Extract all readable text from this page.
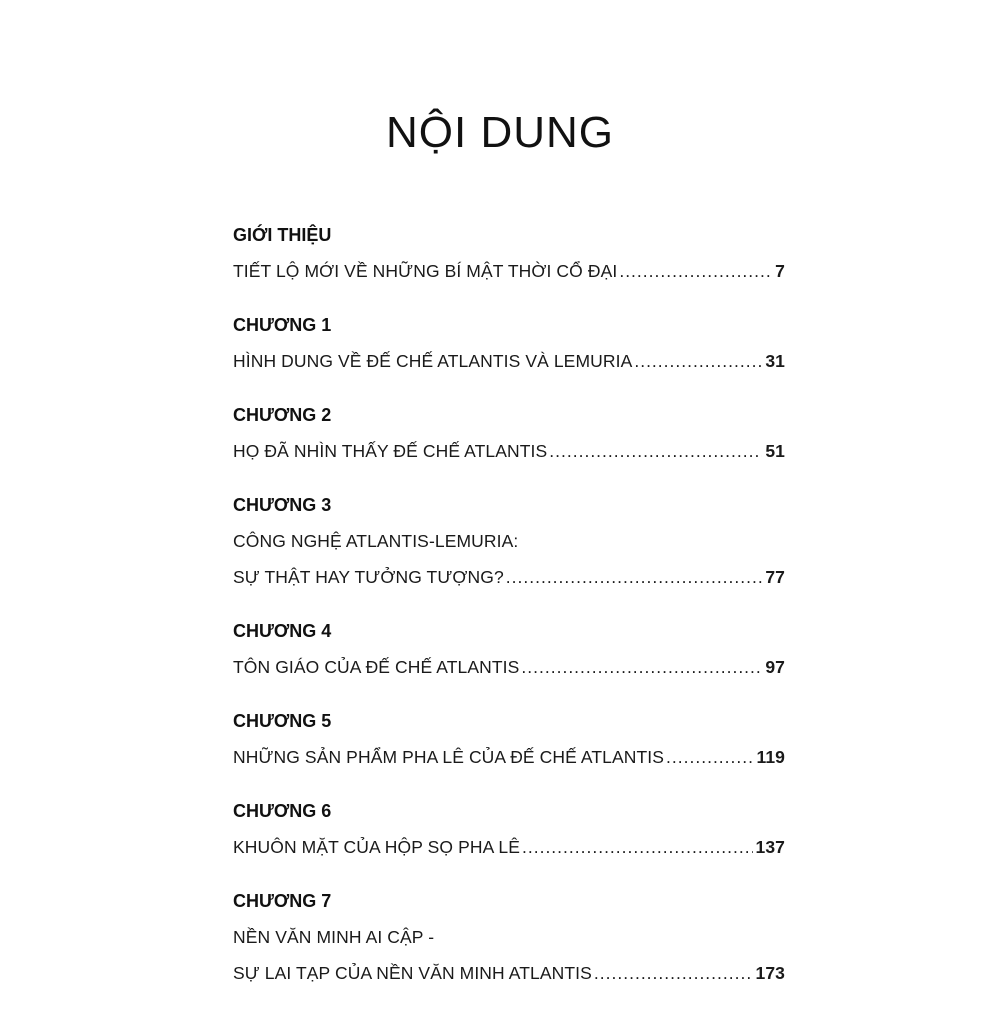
NỘI DUNG
GIỚI THIỆU
TIẾT LỘ MỚI VỀ NHỮNG BÍ MẬT THỜI CỔ ĐẠI .....	7
CHƯƠNG 1
HÌNH DUNG VỀ ĐẾ CHẾ ATLANTIS VÀ LEMURIA .....	31
CHƯƠNG 2
HỌ ĐÃ NHÌN THẤY ĐẾ CHẾ ATLANTIS .....	51
CHƯƠNG 3
CÔNG NGHỆ ATLANTIS-LEMURIA:
SỰ THẬT HAY TƯỞNG TƯỢNG? .....	77
CHƯƠNG 4
TÔN GIÁO CỦA ĐẾ CHẾ ATLANTIS .....	97
CHƯƠNG 5
NHỮNG SẢN PHẨM PHA LÊ CỦA ĐẾ CHẾ ATLANTIS .....	119
CHƯƠNG 6
KHUÔN MẶT CỦA HỘP SỌ PHA LÊ .....	137
CHƯƠNG 7
NỀN VĂN MINH AI CẬP -
SỰ LAI TẠP CỦA NỀN VĂN MINH ATLANTIS .....	173
